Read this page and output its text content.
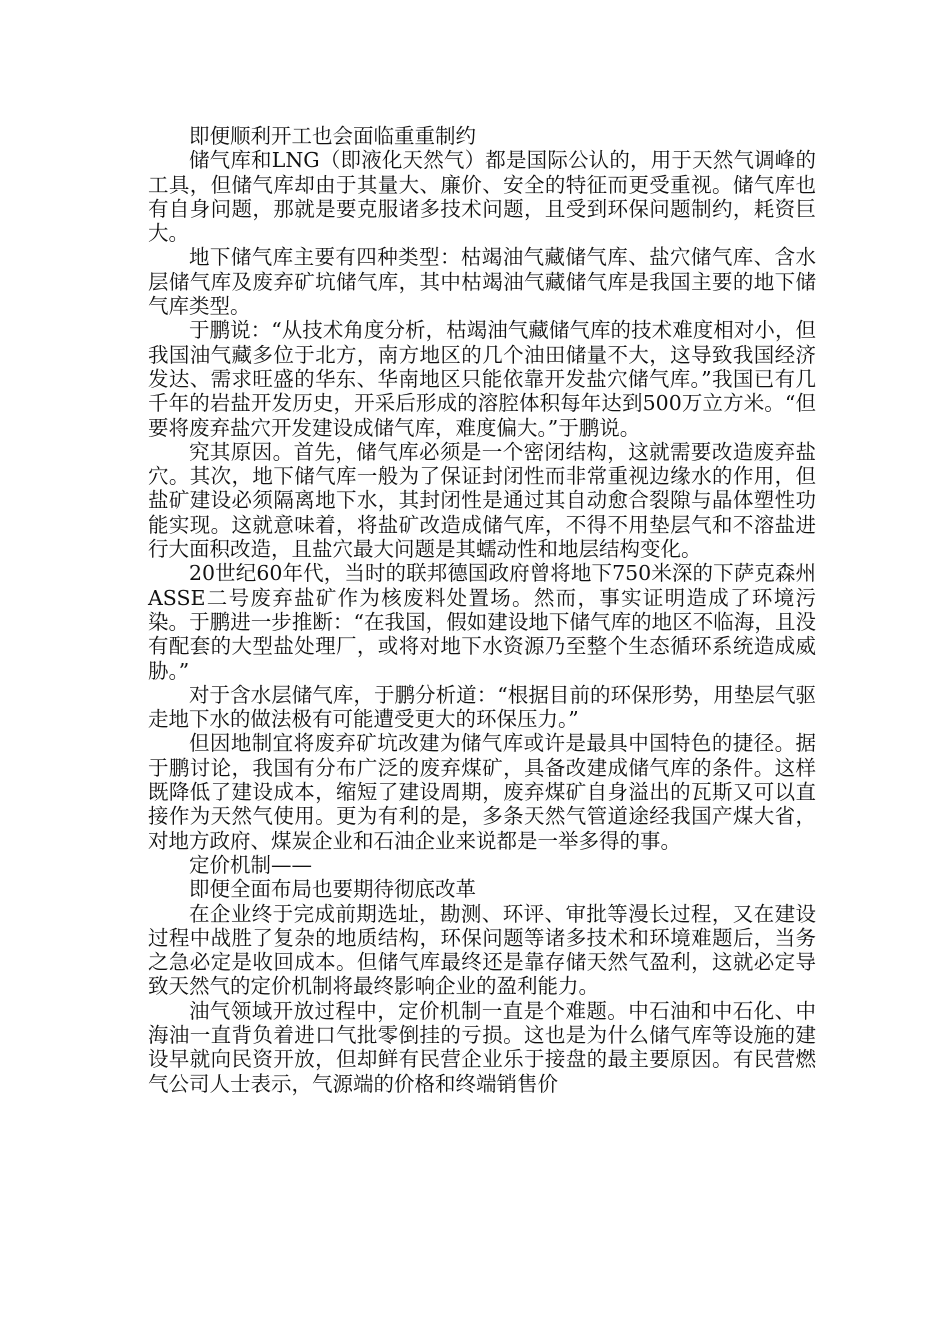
即便顺利开工也会面临重重制约

储气库和LNG（即液化天然气）都是国际公认的，用于天然气调峰的工具，但储气库却由于其量大、廉价、安全的特征而更受重视。储气库也有自身问题，那就是要克服诸多技术问题，且受到环保问题制约，耗资巨大。

地下储气库主要有四种类型：枯竭油气藏储气库、盐穴储气库、含水层储气库及废弃矿坑储气库，其中枯竭油气藏储气库是我国主要的地下储气库类型。

于鹏说：“从技术角度分析，枯竭油气藏储气库的技术难度相对小，但我国油气藏多位于北方，南方地区的几个油田储量不大，这导致我国经济发达、需求旺盛的华东、华南地区只能依靠开发盐穴储气库。”我国已有几千年的岩盐开发历史，开采后形成的溶腔体积每年达到500万立方米。“但要将废弃盐穴开发建设成储气库，难度偏大。”于鹏说。

究其原因。首先，储气库必须是一个密闭结构，这就需要改造废弃盐穴。其次，地下储气库一般为了保证封闭性而非常重视边缘水的作用，但盐矿建设必须隔离地下水，其封闭性是通过其自动愈合裂隙与晶体塑性功能实现。这就意味着，将盐矿改造成储气库，不得不用垫层气和不溶盐进行大面积改造，且盐穴最大问题是其蠕动性和地层结构变化。

20世纪60年代，当时的联邦德国政府曾将地下750米深的下萨克森州ASSE二号废弃盐矿作为核废料处置场。然而，事实证明造成了环境污染。于鹏进一步推断：“在我国，假如建设地下储气库的地区不临海，且没有配套的大型盐处理厂，或将对地下水资源乃至整个生态循环系统造成威胁。”

对于含水层储气库，于鹏分析道：“根据目前的环保形势，用垫层气驱走地下水的做法极有可能遭受更大的环保压力。”

但因地制宜将废弃矿坑改建为储气库或许是最具中国特色的捷径。据于鹏讨论，我国有分布广泛的废弃煤矿，具备改建成储气库的条件。这样既降低了建设成本，缩短了建设周期，废弃煤矿自身溢出的瓦斯又可以直接作为天然气使用。更为有利的是，多条天然气管道途经我国产煤大省，对地方政府、煤炭企业和石油企业来说都是一举多得的事。

定价机制——

即便全面布局也要期待彻底改革

在企业终于完成前期选址，勘测、环评、审批等漫长过程，又在建设过程中战胜了复杂的地质结构，环保问题等诸多技术和环境难题后，当务之急必定是收回成本。但储气库最终还是靠存储天然气盈利，这就必定导致天然气的定价机制将最终影响企业的盈利能力。

油气领域开放过程中，定价机制一直是个难题。中石油和中石化、中海油一直背负着进口气批零倒挂的亏损。这也是为什么储气库等设施的建设早就向民资开放，但却鲜有民营企业乐于接盘的最主要原因。有民营燃气公司人士表示，气源端的价格和终端销售价
